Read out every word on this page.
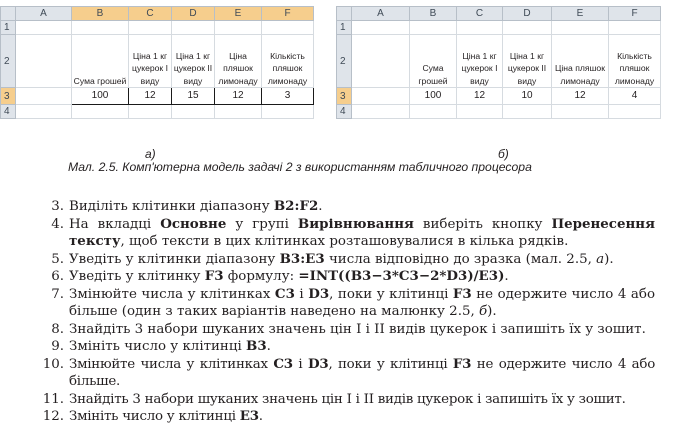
	A	B	C	D	E	F
1						
2		Сума грошей	Ціна 1 кг цукерок I виду	Ціна 1 кг цукерок II виду	Ціна пляшок лимонаду	Кількість пляшок лимонаду
3		100	12	15	12	3
4						
	A	B	C	D	E	F
1						
2		Сума грошей	Ціна 1 кг цукерок I виду	Ціна 1 кг цукерок II виду	Ціна пляшок лимонаду	Кількість пляшок лимонаду
3		100	12	10	12	4
4						
а)	б)
Мал. 2.5. Комп'ютерна модель задачі 2 з використанням табличного процесора
3. Виділіть клітинки діапазону B2:F2.
4. На вкладці Основне у групі Вирівнювання виберіть кнопку Перенесення тексту, щоб тексти в цих клітинках розташовувалися в кілька рядків.
5. Уведіть у клітинки діапазону B3:E3 числа відповідно до зразка (мал. 2.5, а).
6. Уведіть у клітинку F3 формулу: =INT((B3−3*C3−2*D3)/E3).
7. Змінюйте числа у клітинках C3 і D3, поки у клітинці F3 не одержите число 4 або більше (один з таких варіантів наведено на малюнку 2.5, б).
8. Знайдіть 3 набори шуканих значень цін I і II видів цукерок і запишіть їх у зошит.
9. Змініть число у клітинці B3.
10. Змінюйте числа у клітинках C3 і D3, поки у клітинці F3 не одержите число 4 або більше.
11. Знайдіть 3 набори шуканих значень цін I і II видів цукерок і запишіть їх у зошит.
12. Змініть число у клітинці E3.
